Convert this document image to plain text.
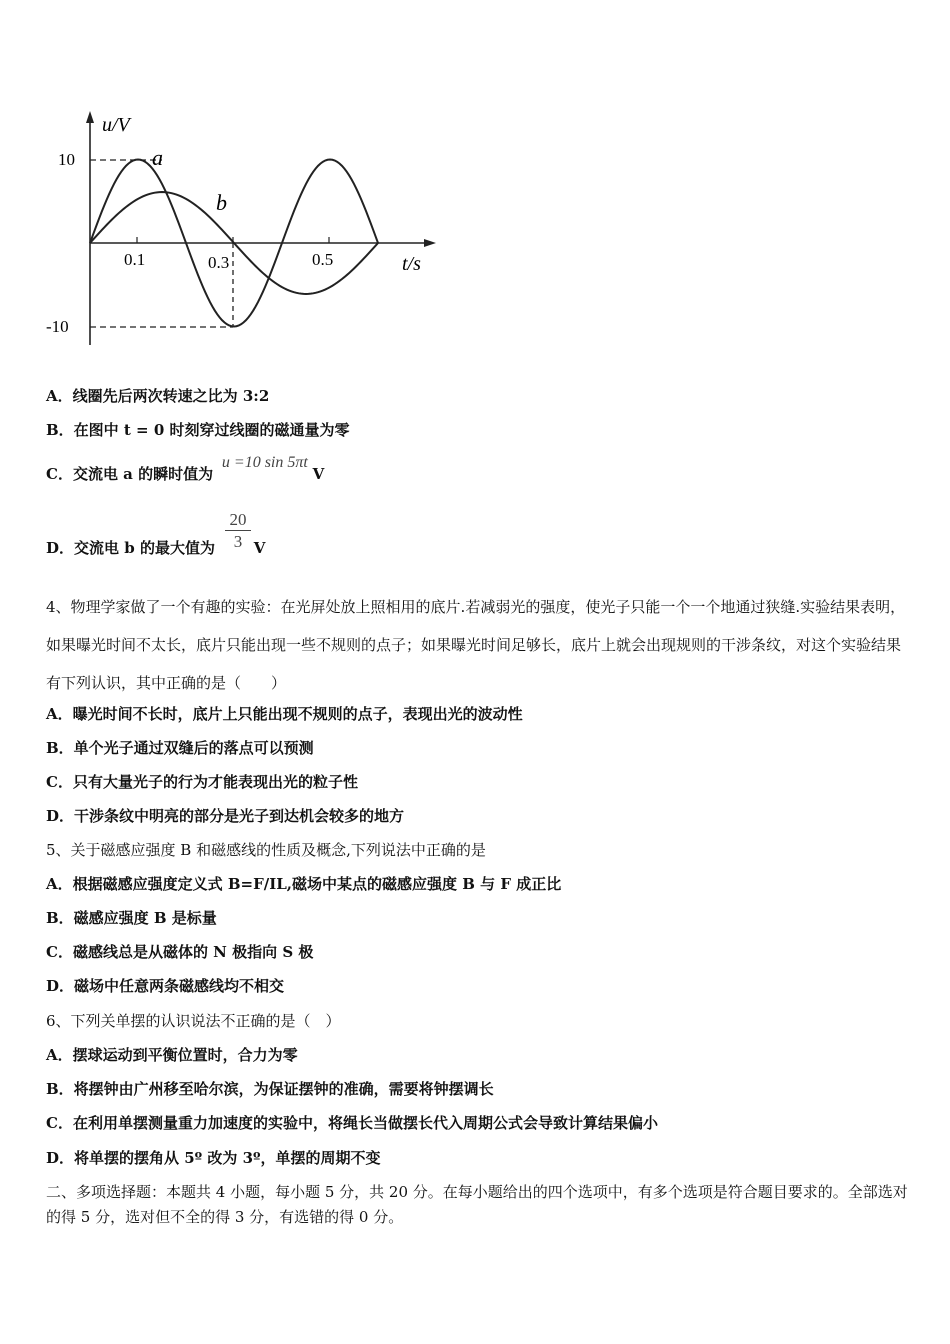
u/V
t/s
10
-10
0.1	0.3	0.5
a
b
A．线圈先后两次转速之比为 3:2
B．在图中 t = 0 时刻穿过线圈的磁通量为零
C．交流电 a 的瞬时值为 u =10 sin 5πt V
D．交流电 b 的最大值为	V
$\frac{20}{3}$
4、物理学家做了一个有趣的实验：在光屏处放上照相用的底片.若减弱光的强度，使光子只能一个一个地通过狭缝.实验结果表明，如果曝光时间不太长，底片只能出现一些不规则的点子；如果曝光时间足够长，底片上就会出现规则的干涉条纹，对这个实验结果有下列认识，其中正确的是（　　）
A．曝光时间不长时，底片上只能出现不规则的点子，表现出光的波动性
B．单个光子通过双缝后的落点可以预测
C．只有大量光子的行为才能表现出光的粒子性
D．干涉条纹中明亮的部分是光子到达机会较多的地方
5、关于磁感应强度 B 和磁感线的性质及概念,下列说法中正确的是
A．根据磁感应强度定义式 B=F/IL,磁场中某点的磁感应强度 B 与 F 成正比
B．磁感应强度 B 是标量
C．磁感线总是从磁体的 N 极指向 S 极
D．磁场中任意两条磁感线均不相交
6、下列关单摆的认识说法不正确的是（　）
A．摆球运动到平衡位置时，合力为零
B．将摆钟由广州移至哈尔滨，为保证摆钟的准确，需要将钟摆调长
C．在利用单摆测量重力加速度的实验中，将绳长当做摆长代入周期公式会导致计算结果偏小
D．将单摆的摆角从 5º 改为 3º，单摆的周期不变
二、多项选择题：本题共 4 小题，每小题 5 分，共 20 分。在每小题给出的四个选项中，有多个选项是符合题目要求的。全部选对的得 5 分，选对但不全的得 3 分，有选错的得 0 分。
